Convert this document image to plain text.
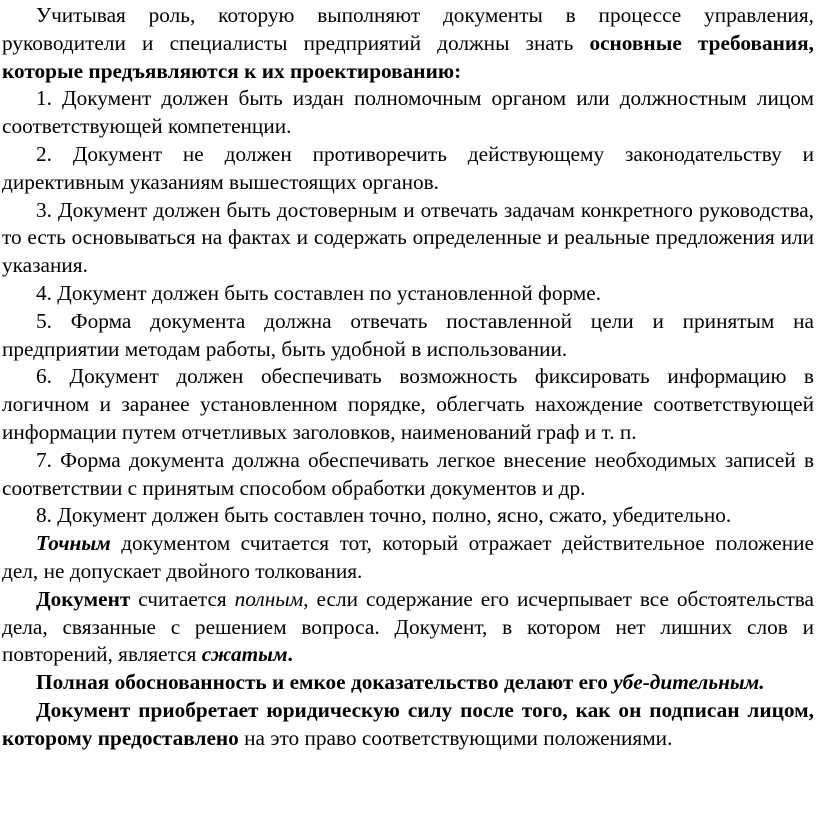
Учитывая роль, которую выполняют документы в процессе управления, руководители и специалисты предприятий должны знать основные требования, которые предъявляются к их проектированию:

1. Документ должен быть издан полномочным органом или должностным лицом соответствующей компетенции.

2. Документ не должен противоречить действующему законодательству и директивным указаниям вышестоящих органов.

3. Документ должен быть достоверным и отвечать задачам конкретного руководства, то есть основываться на фактах и содержать определенные и реальные предложения или указания.

4. Документ должен быть составлен по установленной форме.

5. Форма документа должна отвечать поставленной цели и принятым на предприятии методам работы, быть удобной в использовании.

6. Документ должен обеспечивать возможность фиксировать информацию в логичном и заранее установленном порядке, облегчать нахождение соответствующей информации путем отчетливых заголовков, наименований граф и т. п.

7. Форма документа должна обеспечивать легкое внесение необходимых записей в соответствии с принятым способом обработки документов и др.

8. Документ должен быть составлен точно, полно, ясно, сжато, убедительно.

Точным документом считается тот, который отражает действительное положение дел, не допускает двойного толкования.

Документ считается полным, если содержание его исчерпывает все обстоятельства дела, связанные с решением вопроса. Документ, в котором нет лишних слов и повторений, является сжатым.

Полная обоснованность и емкое доказательство делают его убе-дительным.

Документ приобретает юридическую силу после того, как он подписан лицом, которому предоставлено на это право соответствующими положениями.
